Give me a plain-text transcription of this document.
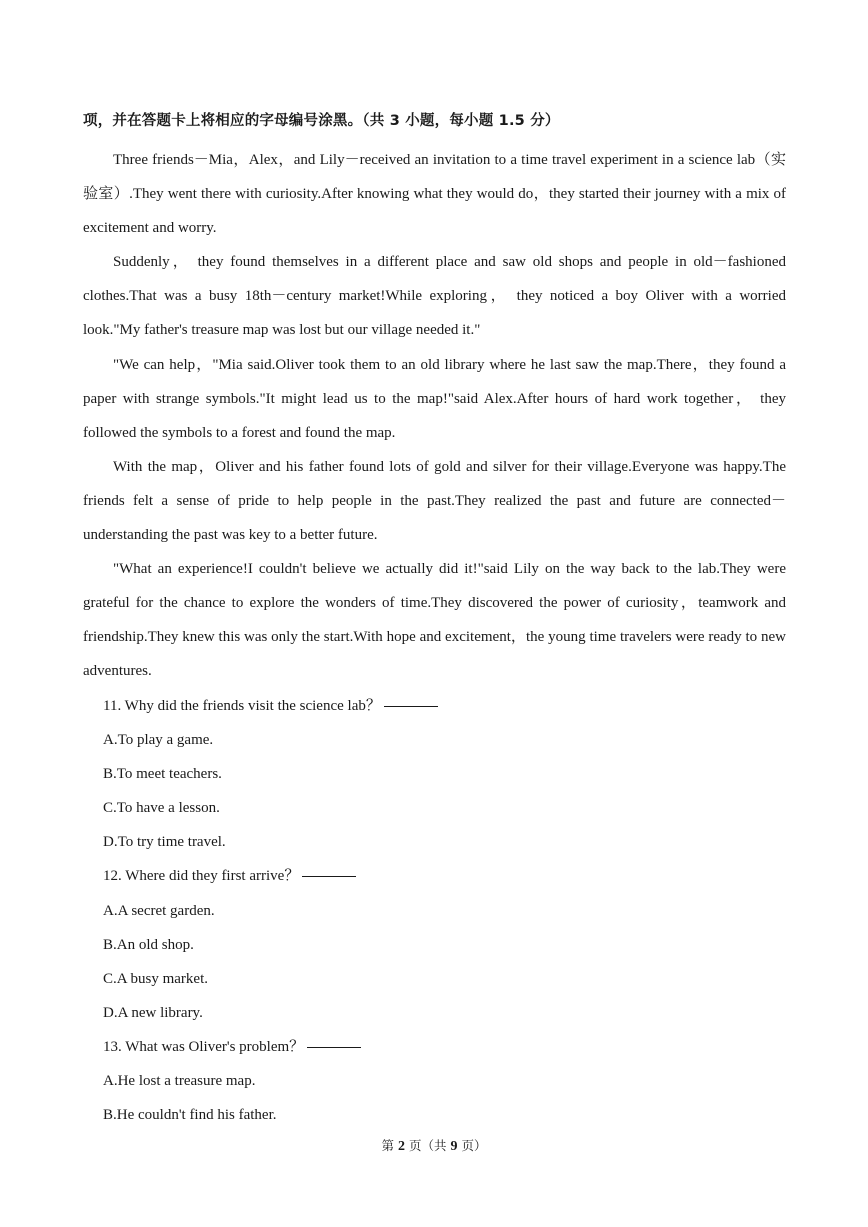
项，并在答题卡上将相应的字母编号涂黑。（共 3 小题，每小题 1.5 分）

Three friends－Mia，Alex，and Lily－received an invitation to a time travel experiment in a science lab（实验室）.They went there with curiosity.After knowing what they would do，they started their journey with a mix of excitement and worry.

Suddenly， they found themselves in a different place and saw old shops and people in old－fashioned clothes.That was a busy 18th－century market!While exploring， they noticed a boy Oliver with a worried look."My father's treasure map was lost but our village needed it."

"We can help，"Mia said.Oliver took them to an old library where he last saw the map.There，they found a paper with strange symbols."It might lead us to the map!"said Alex.After hours of hard work together， they followed the symbols to a forest and found the map.

With the map，Oliver and his father found lots of gold and silver for their village.Everyone was happy.The friends felt a sense of pride to help people in the past.They realized the past and future are connected－understanding the past was key to a better future.

"What an experience!I couldn't believe we actually did it!"said Lily on the way back to the lab.They were grateful for the chance to explore the wonders of time.They discovered the power of curiosity，teamwork and friendship.They knew this was only the start.With hope and excitement，the young time travelers were ready to new adventures.

11. Why did the friends visit the science lab？
A.To play a game.
B.To meet teachers.
C.To have a lesson.
D.To try time travel.
12. Where did they first arrive？
A.A secret garden.
B.An old shop.
C.A busy market.
D.A new library.
13. What was Oliver's problem？
A.He lost a treasure map.
B.He couldn't find his father.
第 2 页（共 9 页）
